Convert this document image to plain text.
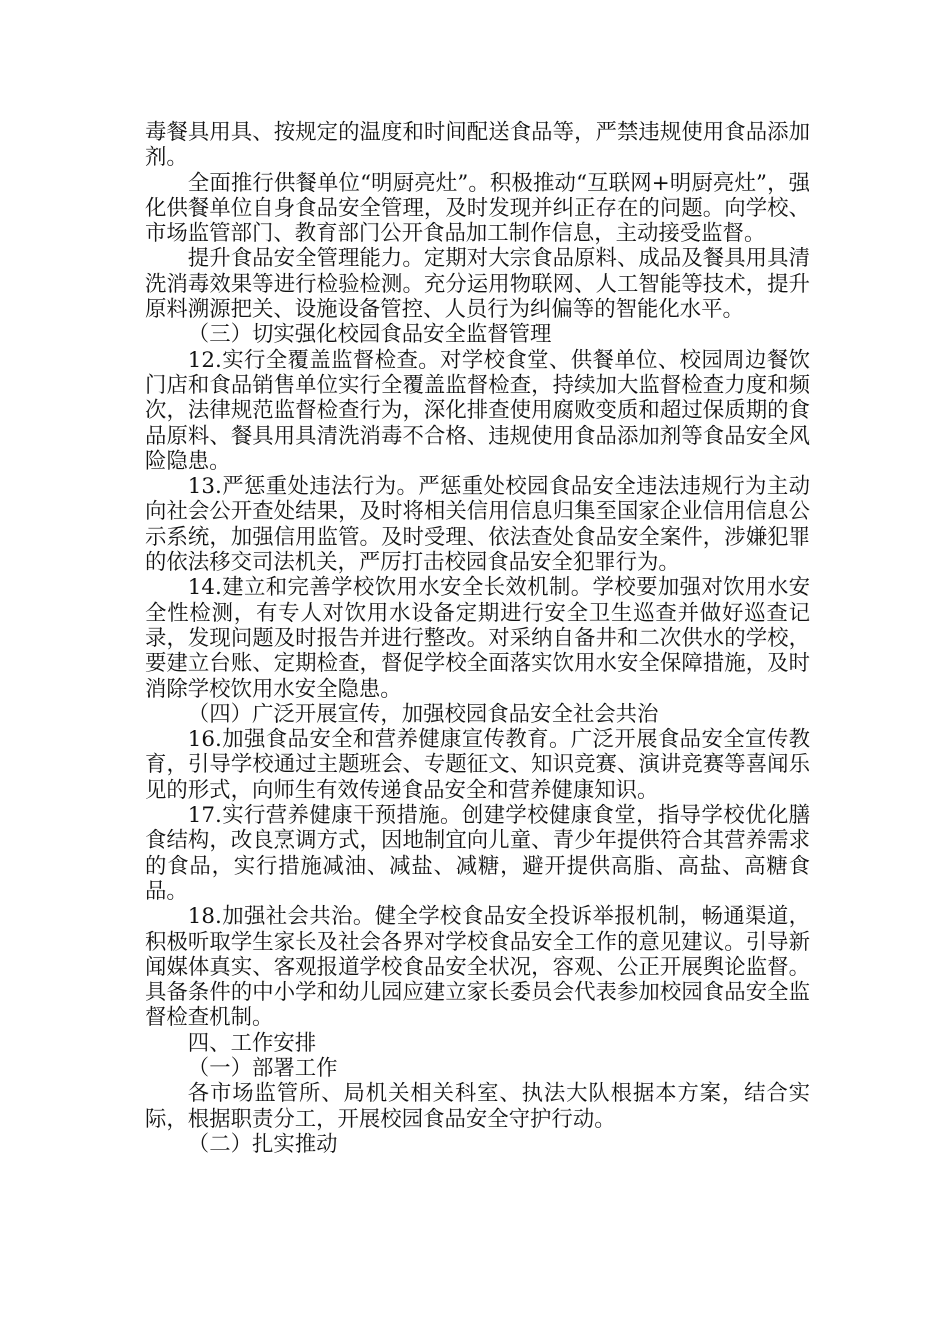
毒餐具用具、按规定的温度和时间配送食品等，严禁违规使用食品添加剂。

全面推行供餐单位“明厨亮灶”。积极推动“互联网+明厨亮灶”，强化供餐单位自身食品安全管理，及时发现并纠正存在的问题。向学校、市场监管部门、教育部门公开食品加工制作信息，主动接受监督。

提升食品安全管理能力。定期对大宗食品原料、成品及餐具用具清洗消毒效果等进行检验检测。充分运用物联网、人工智能等技术，提升原料溯源把关、设施设备管控、人员行为纠偏等的智能化水平。

（三）切实强化校园食品安全监督管理

12.实行全覆盖监督检查。对学校食堂、供餐单位、校园周边餐饮门店和食品销售单位实行全覆盖监督检查，持续加大监督检查力度和频次，法律规范监督检查行为，深化排查使用腐败变质和超过保质期的食品原料、餐具用具清洗消毒不合格、违规使用食品添加剂等食品安全风险隐患。

13.严惩重处违法行为。严惩重处校园食品安全违法违规行为主动向社会公开查处结果，及时将相关信用信息归集至国家企业信用信息公示系统，加强信用监管。及时受理、依法查处食品安全案件，涉嫌犯罪的依法移交司法机关，严厉打击校园食品安全犯罪行为。

14.建立和完善学校饮用水安全长效机制。学校要加强对饮用水安全性检测，有专人对饮用水设备定期进行安全卫生巡查并做好巡查记录，发现问题及时报告并进行整改。对采纳自备井和二次供水的学校，要建立台账、定期检查，督促学校全面落实饮用水安全保障措施，及时消除学校饮用水安全隐患。

（四）广泛开展宣传，加强校园食品安全社会共治

16.加强食品安全和营养健康宣传教育。广泛开展食品安全宣传教育，引导学校通过主题班会、专题征文、知识竞赛、演讲竞赛等喜闻乐见的形式，向师生有效传递食品安全和营养健康知识。

17.实行营养健康干预措施。创建学校健康食堂，指导学校优化膳食结构，改良烹调方式，因地制宜向儿童、青少年提供符合其营养需求的食品，实行措施减油、减盐、减糖，避开提供高脂、高盐、高糖食品。

18.加强社会共治。健全学校食品安全投诉举报机制，畅通渠道，积极听取学生家长及社会各界对学校食品安全工作的意见建议。引导新闻媒体真实、客观报道学校食品安全状况，容观、公正开展舆论监督。具备条件的中小学和幼儿园应建立家长委员会代表参加校园食品安全监督检查机制。

四、工作安排

（一）部署工作

各市场监管所、局机关相关科室、执法大队根据本方案，结合实际，根据职责分工，开展校园食品安全守护行动。

（二）扎实推动
